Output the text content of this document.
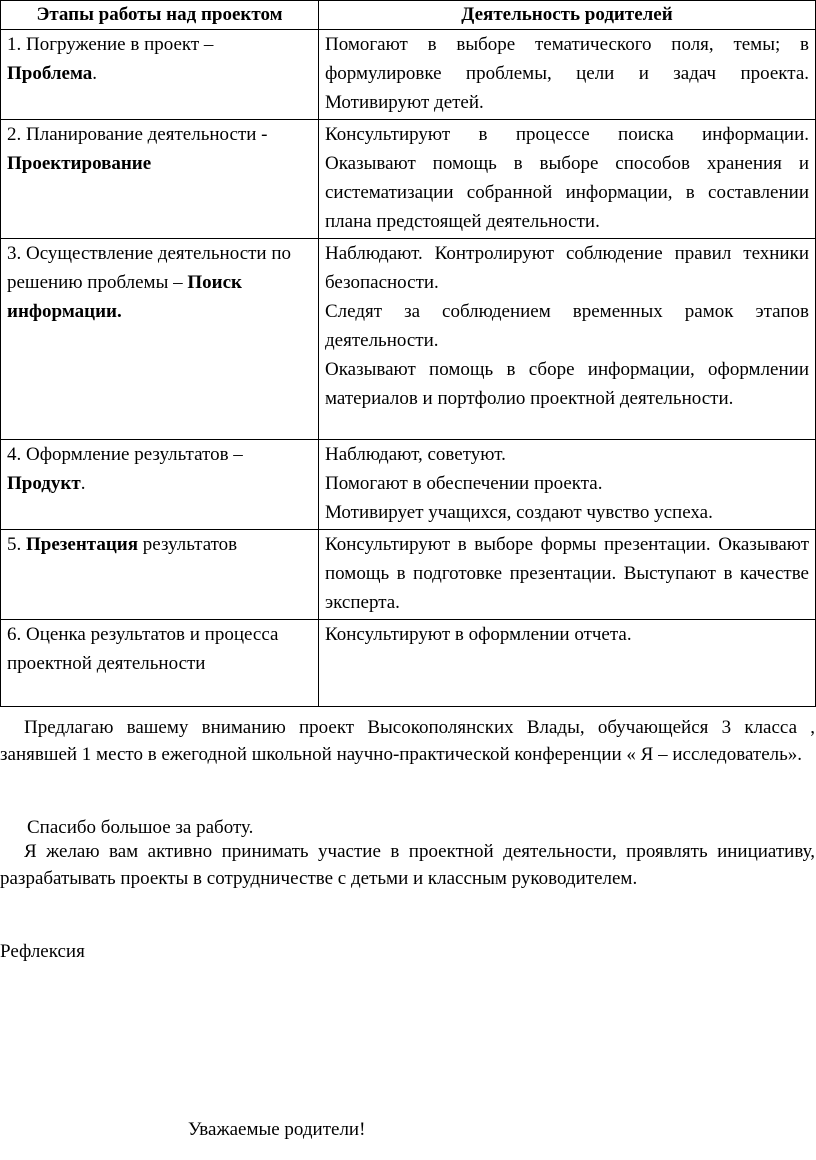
Этапы работы над проектом	Деятельность родителей
1. Погружение в проект –
Проблема.	Помогают в выборе тематического поля, темы; в формулировке проблемы, цели и задач проекта. Мотивируют детей.

2. Планирование деятельности -
Проектирование	Консультируют в процессе поиска информации. Оказывают помощь в выборе способов хранения и систематизации собранной информации, в составлении плана предстоящей деятельности.

3. Осуществление деятельности по решению проблемы – Поиск информации.	Наблюдают. Контролируют соблюдение правил техники безопасности.
Следят за соблюдением временных рамок этапов деятельности.
Оказывают помощь в сборе информации, оформлении материалов и портфолио проектной деятельности.

4. Оформление результатов –
Продукт.	Наблюдают, советуют.
Помогают в обеспечении проекта.
Мотивирует учащихся, создают чувство успеха.

5. Презентация результатов	Консультируют в выборе формы презентации. Оказывают помощь в подготовке презентации. Выступают в качестве эксперта.

6. Оценка результатов и процесса проектной деятельности	Консультируют в оформлении отчета.
Предлагаю вашему вниманию проект Высокополянских Влады, обучающейся 3 класса , занявшей 1 место в ежегодной школьной научно-практической конференции « Я – исследователь».
Спасибо большое за работу.
Я желаю вам активно принимать участие в проектной деятельности, проявлять инициативу, разрабатывать проекты в сотрудничестве с детьми и классным руководителем.
Рефлексия
Уважаемые родители!
